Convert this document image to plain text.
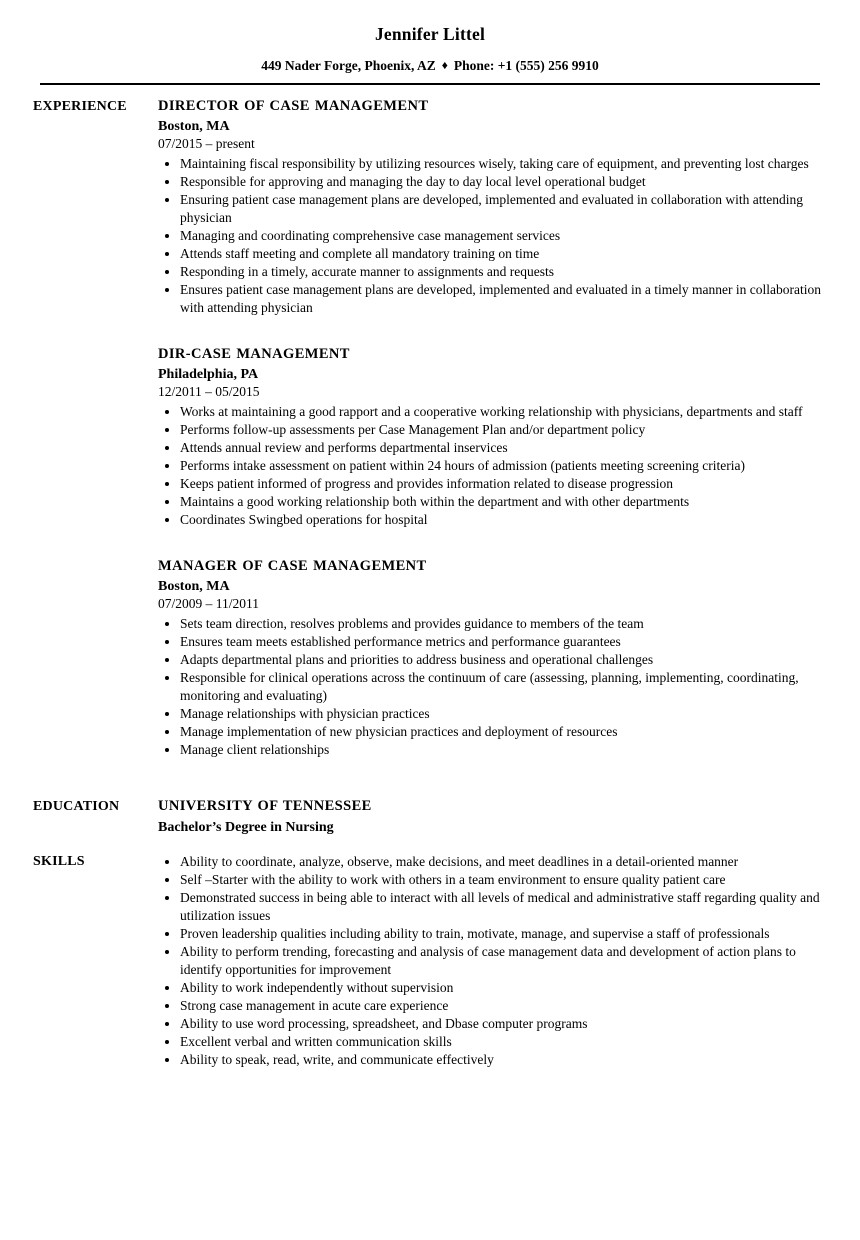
Jennifer Littel
449 Nader Forge, Phoenix, AZ ♦ Phone: +1 (555) 256 9910
EXPERIENCE	DIRECTOR OF CASE MANAGEMENT
Boston, MA
07/2015 – present
• Maintaining fiscal responsibility by utilizing resources wisely, taking care of equipment, and preventing lost charges
• Responsible for approving and managing the day to day local level operational budget
• Ensuring patient case management plans are developed, implemented and evaluated in collaboration with attending physician
• Managing and coordinating comprehensive case management services
• Attends staff meeting and complete all mandatory training on time
• Responding in a timely, accurate manner to assignments and requests
• Ensures patient case management plans are developed, implemented and evaluated in a timely manner in collaboration with attending physician
DIR-CASE MANAGEMENT
Philadelphia, PA
12/2011 – 05/2015
• Works at maintaining a good rapport and a cooperative working relationship with physicians, departments and staff
• Performs follow-up assessments per Case Management Plan and/or department policy
• Attends annual review and performs departmental inservices
• Performs intake assessment on patient within 24 hours of admission (patients meeting screening criteria)
• Keeps patient informed of progress and provides information related to disease progression
• Maintains a good working relationship both within the department and with other departments
• Coordinates Swingbed operations for hospital
MANAGER OF CASE MANAGEMENT
Boston, MA
07/2009 – 11/2011
• Sets team direction, resolves problems and provides guidance to members of the team
• Ensures team meets established performance metrics and performance guarantees
• Adapts departmental plans and priorities to address business and operational challenges
• Responsible for clinical operations across the continuum of care (assessing, planning, implementing, coordinating, monitoring and evaluating)
• Manage relationships with physician practices
• Manage implementation of new physician practices and deployment of resources
• Manage client relationships
EDUCATION	UNIVERSITY OF TENNESSEE
Bachelor’s Degree in Nursing
SKILLS	• Ability to coordinate, analyze, observe, make decisions, and meet deadlines in a detail-oriented manner
• Self –Starter with the ability to work with others in a team environment to ensure quality patient care
• Demonstrated success in being able to interact with all levels of medical and administrative staff regarding quality and utilization issues
• Proven leadership qualities including ability to train, motivate, manage, and supervise a staff of professionals
• Ability to perform trending, forecasting and analysis of case management data and development of action plans to identify opportunities for improvement
• Ability to work independently without supervision
• Strong case management in acute care experience
• Ability to use word processing, spreadsheet, and Dbase computer programs
• Excellent verbal and written communication skills
• Ability to speak, read, write, and communicate effectively
